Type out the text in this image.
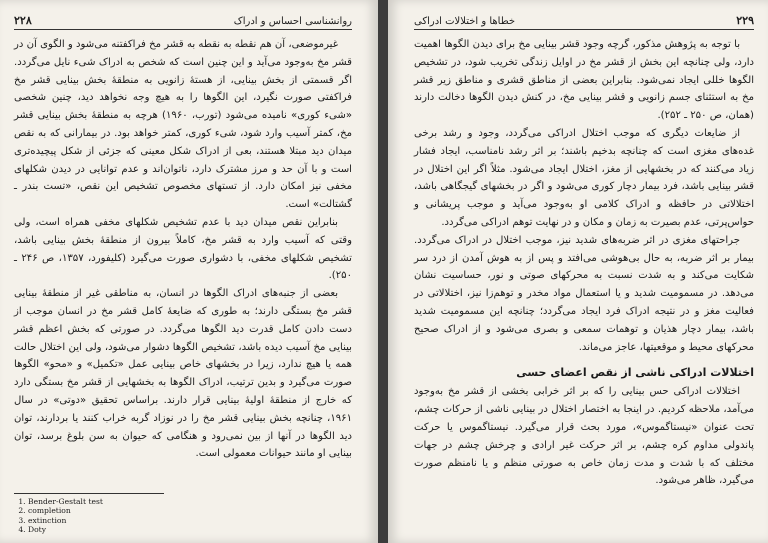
۲۲۸	روانشناسی احساس و ادراک

غیرموضعی، آن هم نقطه به نقطه به قشر مخ فراکفتنه می‌شود و الگوی آن در قشر مخ به‌وجود می‌آید و این چنین است که شخص به ادراک شیء نایل می‌گردد. اگر قسمتی از بخش بینایی، از هستهٔ زانویی به منطقهٔ بخش بینایی قشر مخ فراکفتی صورت نگیرد، این الگوها را به هیچ وجه نخواهد دید، چنین شخصی «شیء کوری» نامیده می‌شود (تورب، ۱۹۶۰) هرچه به منطقهٔ بخش بینایی قشر مخ، کمتر آسیب وارد شود، شیء کوری، کمتر خواهد بود. در بیمارانی که به نقص میدان دید مبتلا هستند، بعی از ادراک شکل معینی که جزئی از شکل پیچیده‌تری است و با آن حد و مرز مشترک دارد، ناتوان‌اند و عدم توانایی در دیدن شکلهای مخفی نیز امکان دارد. از تستهای مخصوص تشخیص این نقص، «تست بندر ـ گشتالت» است.

بنابراین نقص میدان دید با عدم تشخیص شکلهای مخفی همراه است، ولی وقتی که آسیب وارد به قشر مخ، کاملاً بیرون از منطقهٔ بخش بینایی باشد، تشخیص شکلهای مخفی، با دشواری صورت می‌گیرد (کلیفورد، ۱۳۵۷، ص ۲۴۶ ـ ۲۵۰).

بعضی از جنبه‌های ادراک الگوها در انسان، به مناطقی غیر از منطقهٔ بینایی قشر مخ بستگی دارند؛ به طوری که ضایعهٔ کامل قشر مخ در انسان موجب از دست دادن کامل قدرت دید الگوها می‌گردد. در صورتی که بخش اعظم قشر بینایی مخ آسیب دیده باشد، تشخیص الگوها دشوار می‌شود، ولی این اختلال حالت همه یا هیچ ندارد، زیرا در بخشهای خاص بینایی عمل «تکمیل» و «محو» الگوها صورت می‌گیرد و بدین ترتیب، ادراک الگوها به بخشهایی از قشر مخ بستگی دارد که خارج از منطقهٔ اولیهٔ بینایی قرار دارند. براساس تحقیق «دوتی» در سال ۱۹۶۱، چنانچه بخش بینایی قشر مخ را در نوزاد گربه خراب کنند یا بردارند، توان دید الگوها در آنها از بین نمی‌رود و هنگامی که حیوان به سن بلوغ برسد، توان بینایی او مانند حیوانات معمولی است.

1. Bender-Gestalt test
2. completion
3. extinction
4. Doty
خطاها و اختلالات ادراکی	۲۲۹

با توجه به پژوهش مذکور، گرچه وجود قشر بینایی مخ برای دیدن الگوها اهمیت دارد، ولی چنانچه این بخش از قشر مخ در اوایل زندگی تخریب شود، در تشخیص الگوها خللی ایجاد نمی‌شود. بنابراین بعضی از مناطق قشری و مناطق زیر قشر مخ به استثنای جسم زانویی و قشر بینایی مخ، در کنش دیدن الگوها دخالت دارند (همان، ص ۲۵۰ ـ ۲۵۲).

از ضایعات دیگری که موجب اختلال ادراکی می‌گردد، وجود و رشد برخی غده‌های مغزی است که چنانچه بدخیم باشند؛ بر اثر رشد نامناسب، ایجاد فشار زیاد می‌کنند که در بخشهایی از مغز، اختلال ایجاد می‌شود. مثلاً اگر این اختلال در قشر بینایی باشد، فرد بیمار دچار کوری می‌شود و اگر در بخشهای گیجگاهی باشد، اختلالاتی در حافظه و ادراک کلامی او به‌وجود می‌آید و موجب پریشانی و حواس‌پرتی، عدم بصیرت به زمان و مکان و در نهایت توهم ادراکی می‌گردد.

جراحتهای مغزی در اثر ضربه‌های شدید نیز، موجب اختلال در ادراک می‌گردد. بیمار بر اثر ضربه، به حال بی‌هوشی می‌افتد و پس از به هوش آمدن از درد سر شکایت می‌کند و به شدت نسبت به محرکهای صوتی و نور، حساسیت نشان می‌دهد. در مسمومیت شدید و یا استعمال مواد مخدر و توهم‌زا نیز، اختلالاتی در فعالیت مغز و در نتیجه ادراک فرد ایجاد می‌گردد؛ چنانچه این مسمومیت شدید باشد، بیمار دچار هذیان و توهمات سمعی و بصری می‌شود و از ادراک صحیح محرکهای محیط و موقعیتها، عاجز می‌ماند.

اختلالات ادراکی ناشی از نقص اعضای حسی

اختلالات ادراکی حس بینایی را که بر اثر خرابی بخشی از قشر مخ به‌وجود می‌آمد، ملاحظه کردیم. در اینجا به اختصار اختلال در بینایی ناشی از حرکات چشم، تحت عنوان «نیستاگموس»، مورد بحث قرار می‌گیرد. نیستاگموس یا حرکت پاندولی مداوم کره چشم، بر اثر حرکت غیر ارادی و چرخش چشم در جهات مختلف که با شدت و مدت زمان خاص به صورتی منظم و یا نامنظم صورت می‌گیرد، ظاهر می‌شود.
